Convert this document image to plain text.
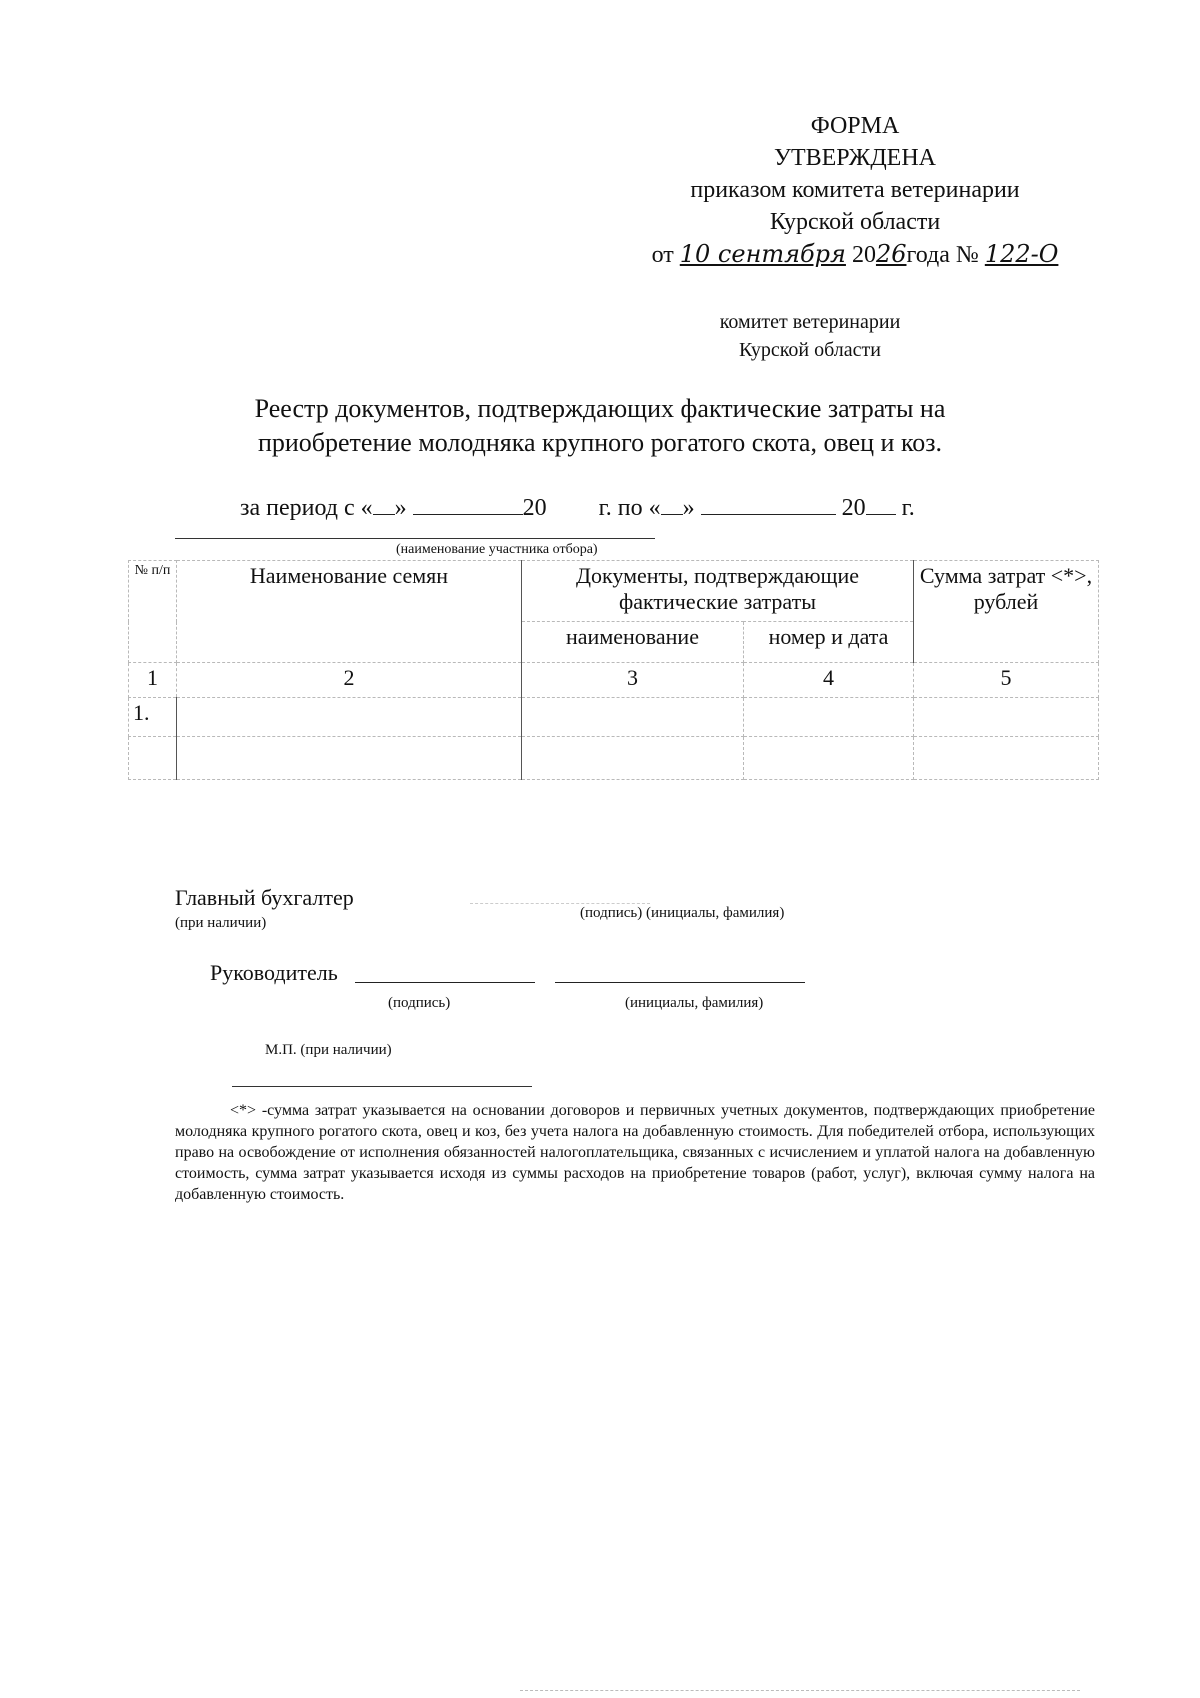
ФОРМА
УТВЕРЖДЕНА
приказом комитета ветеринарии
Курской области
от 10 сентября 2026года № 122-О
комитет ветеринарии
Курской области
Реестр документов, подтверждающих фактические затраты на
приобретение молодняка крупного рогатого скота, овец и коз.
за период с « »	20 г. по « »	20 г.
(наименование участника отбора)
№ п/п	Наименование семян	Документы, подтверждающие фактические затраты		Сумма затрат <*>, рублей
		наименование	номер и дата	
1	2	3	4	5
1.				

Главный бухгалтер
(при наличии)
(подпись) (инициалы, фамилия)
Руководитель
(подпись)	(инициалы, фамилия)
М.П. (при наличии)
<*> -сумма затрат указывается на основании договоров и первичных учетных документов, подтверждающих приобретение молодняка крупного рогатого скота, овец и коз, без учета налога на добавленную стоимость. Для победителей отбора, использующих право на освобождение от исполнения обязанностей налогоплательщика, связанных с исчислением и уплатой налога на добавленную стоимость, сумма затрат указывается исходя из суммы расходов на приобретение товаров (работ, услуг), включая сумму налога на добавленную стоимость.
